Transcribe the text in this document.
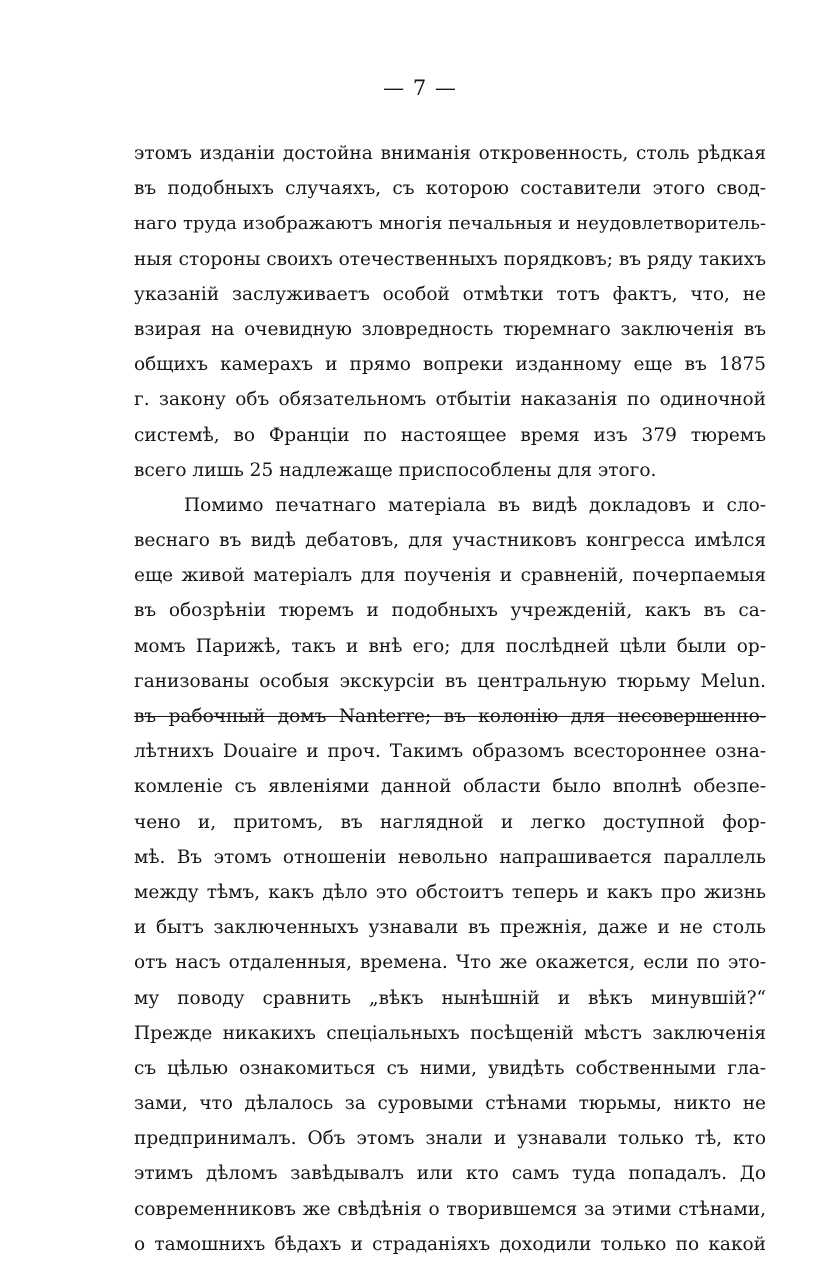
— 7 —
этомъ изданіи достойна вниманія откровенность, столь рѣдкая
въ подобныхъ случаяхъ, съ которою составители этого свод-
наго труда изображаютъ многія печальныя и неудовлетворитель-
ныя стороны своихъ отечественныхъ порядковъ; въ ряду такихъ
указаній заслуживаетъ особой отмѣтки тотъ фактъ, что, не
взирая на очевидную зловредность тюремнаго заключенія въ
общихъ камерахъ и прямо вопреки изданному еще въ 1875
г. закону объ обязательномъ отбытіи наказанія по одиночной
системѣ, во Франціи по настоящее время изъ 379 тюремъ
всего лишь 25 надлежаще приспособлены для этого.
Помимо печатнаго матеріала въ видѣ докладовъ и сло-
веснаго въ видѣ дебатовъ, для участниковъ конгресса имѣлся
еще живой матеріалъ для поученія и сравненій, почерпаемыя
въ обозрѣніи тюремъ и подобныхъ учрежденій, какъ въ са-
момъ Парижѣ, такъ и внѣ его; для послѣдней цѣли были ор-
ганизованы особыя экскурсіи въ центральную тюрьму Melun.
въ рабочный домъ Nanterre; въ колонію для несовершенно-
лѣтнихъ Douaire и проч. Такимъ образомъ всестороннее озна-
комленіе съ явленіями данной области было вполнѣ обезпе-
чено и, притомъ, въ наглядной и легко доступной фор-
мѣ. Въ этомъ отношеніи невольно напрашивается параллель
между тѣмъ, какъ дѣло это обстоитъ теперь и какъ про жизнь
и бытъ заключенныхъ узнавали въ прежнія, даже и не столь
отъ насъ отдаленныя, времена. Что же окажется, если по это-
му поводу сравнить „вѣкъ нынѣшній и вѣкъ минувшій?“
Прежде никакихъ спеціальныхъ посѣщеній мѣстъ заключенія
съ цѣлью ознакомиться съ ними, увидѣть собственными гла-
зами, что дѣлалось за суровыми стѣнами тюрьмы, никто не
предпринималъ. Объ этомъ знали и узнавали только тѣ, кто
этимъ дѣломъ завѣдывалъ или кто самъ туда попадалъ. До
современниковъ же свѣдѣнія о творившемся за этими стѣнами,
о тамошнихъ бѣдахъ и страданіяхъ доходили только по какой
